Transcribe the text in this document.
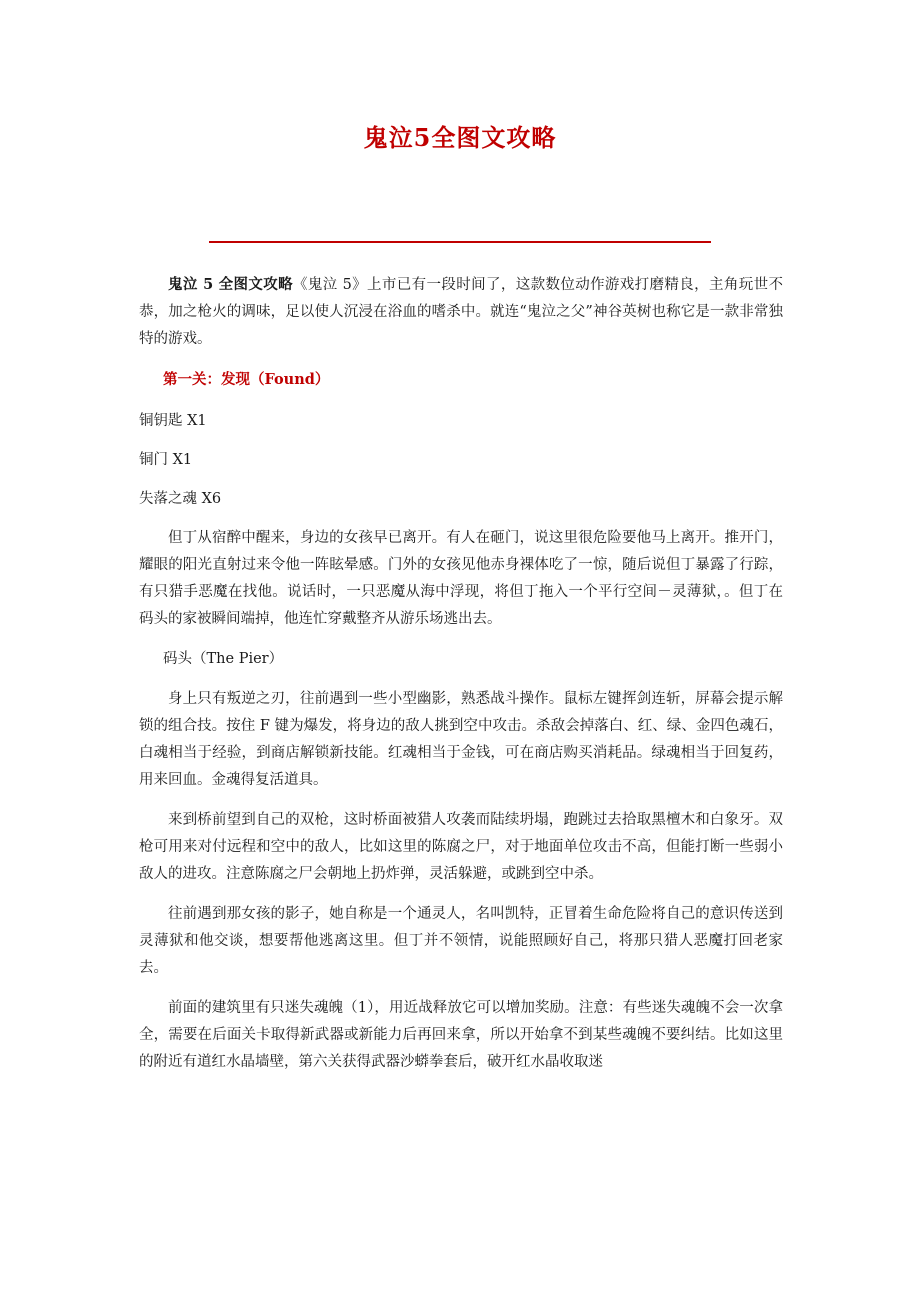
鬼泣5全图文攻略

鬼泣 5 全图文攻略《鬼泣 5》上市已有一段时间了，这款数位动作游戏打磨精良，主角玩世不恭，加之枪火的调味，足以使人沉浸在浴血的嗜杀中。就连“鬼泣之父”神谷英树也称它是一款非常独特的游戏。

第一关：发现（Found）

铜钥匙 X1

铜门 X1

失落之魂 X6

但丁从宿醉中醒来，身边的女孩早已离开。有人在砸门，说这里很危险要他马上离开。推开门，耀眼的阳光直射过来令他一阵眩晕感。门外的女孩见他赤身裸体吃了一惊，随后说但丁暴露了行踪，有只猎手恶魔在找他。说话时，一只恶魔从海中浮现，将但丁拖入一个平行空间－灵薄狱，。但丁在码头的家被瞬间端掉，他连忙穿戴整齐从游乐场逃出去。

码头（The Pier）

身上只有叛逆之刃，往前遇到一些小型幽影，熟悉战斗操作。鼠标左键挥剑连斩，屏幕会提示解锁的组合技。按住 F 键为爆发，将身边的敌人挑到空中攻击。杀敌会掉落白、红、绿、金四色魂石，白魂相当于经验，到商店解锁新技能。红魂相当于金钱，可在商店购买消耗品。绿魂相当于回复药，用来回血。金魂得复活道具。

来到桥前望到自己的双枪，这时桥面被猎人攻袭而陆续坍塌，跑跳过去拾取黑檀木和白象牙。双枪可用来对付远程和空中的敌人，比如这里的陈腐之尸，对于地面单位攻击不高，但能打断一些弱小敌人的进攻。注意陈腐之尸会朝地上扔炸弹，灵活躲避，或跳到空中杀。

往前遇到那女孩的影子，她自称是一个通灵人，名叫凯特，正冒着生命危险将自己的意识传送到灵薄狱和他交谈，想要帮他逃离这里。但丁并不领情，说能照顾好自己，将那只猎人恶魔打回老家去。

前面的建筑里有只迷失魂魄（1），用近战释放它可以增加奖励。注意：有些迷失魂魄不会一次拿全，需要在后面关卡取得新武器或新能力后再回来拿，所以开始拿不到某些魂魄不要纠结。比如这里的附近有道红水晶墙壁，第六关获得武器沙蟒拳套后，破开红水晶收取迷
